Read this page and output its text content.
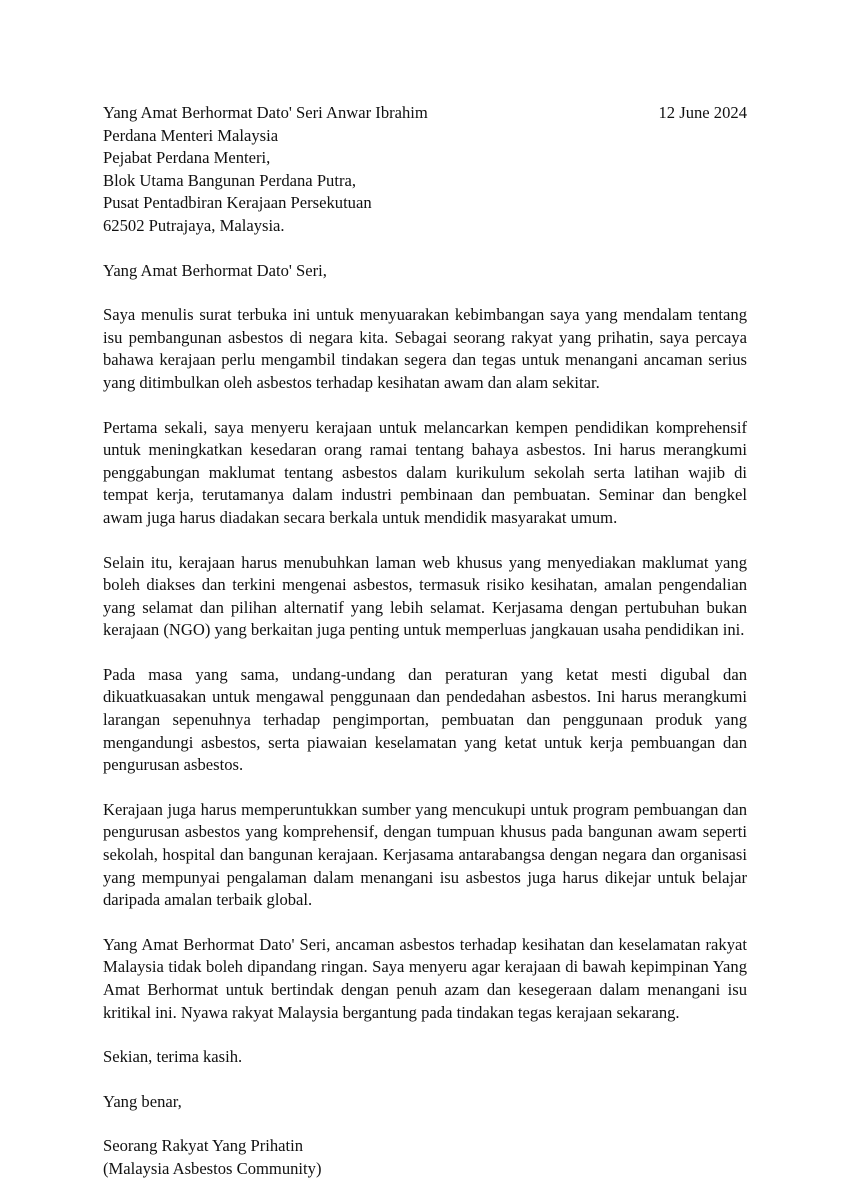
Yang Amat Berhormat Dato' Seri Anwar Ibrahim	12 June 2024
Perdana Menteri Malaysia
Pejabat Perdana Menteri,
Blok Utama Bangunan Perdana Putra,
Pusat Pentadbiran Kerajaan Persekutuan
62502 Putrajaya, Malaysia.
Yang Amat Berhormat Dato' Seri,

Saya menulis surat terbuka ini untuk menyuarakan kebimbangan saya yang mendalam tentang isu pembangunan asbestos di negara kita. Sebagai seorang rakyat yang prihatin, saya percaya bahawa kerajaan perlu mengambil tindakan segera dan tegas untuk menangani ancaman serius yang ditimbulkan oleh asbestos terhadap kesihatan awam dan alam sekitar.

Pertama sekali, saya menyeru kerajaan untuk melancarkan kempen pendidikan komprehensif untuk meningkatkan kesedaran orang ramai tentang bahaya asbestos. Ini harus merangkumi penggabungan maklumat tentang asbestos dalam kurikulum sekolah serta latihan wajib di tempat kerja, terutamanya dalam industri pembinaan dan pembuatan. Seminar dan bengkel awam juga harus diadakan secara berkala untuk mendidik masyarakat umum.

Selain itu, kerajaan harus menubuhkan laman web khusus yang menyediakan maklumat yang boleh diakses dan terkini mengenai asbestos, termasuk risiko kesihatan, amalan pengendalian yang selamat dan pilihan alternatif yang lebih selamat. Kerjasama dengan pertubuhan bukan kerajaan (NGO) yang berkaitan juga penting untuk memperluas jangkauan usaha pendidikan ini.

Pada masa yang sama, undang-undang dan peraturan yang ketat mesti digubal dan dikuatkuasakan untuk mengawal penggunaan dan pendedahan asbestos. Ini harus merangkumi larangan sepenuhnya terhadap pengimportan, pembuatan dan penggunaan produk yang mengandungi asbestos, serta piawaian keselamatan yang ketat untuk kerja pembuangan dan pengurusan asbestos.

Kerajaan juga harus memperuntukkan sumber yang mencukupi untuk program pembuangan dan pengurusan asbestos yang komprehensif, dengan tumpuan khusus pada bangunan awam seperti sekolah, hospital dan bangunan kerajaan. Kerjasama antarabangsa dengan negara dan organisasi yang mempunyai pengalaman dalam menangani isu asbestos juga harus dikejar untuk belajar daripada amalan terbaik global.

Yang Amat Berhormat Dato' Seri, ancaman asbestos terhadap kesihatan dan keselamatan rakyat Malaysia tidak boleh dipandang ringan. Saya menyeru agar kerajaan di bawah kepimpinan Yang Amat Berhormat untuk bertindak dengan penuh azam dan kesegeraan dalam menangani isu kritikal ini. Nyawa rakyat Malaysia bergantung pada tindakan tegas kerajaan sekarang.

Sekian, terima kasih.
Yang benar,
Seorang Rakyat Yang Prihatin
(Malaysia Asbestos Community)
